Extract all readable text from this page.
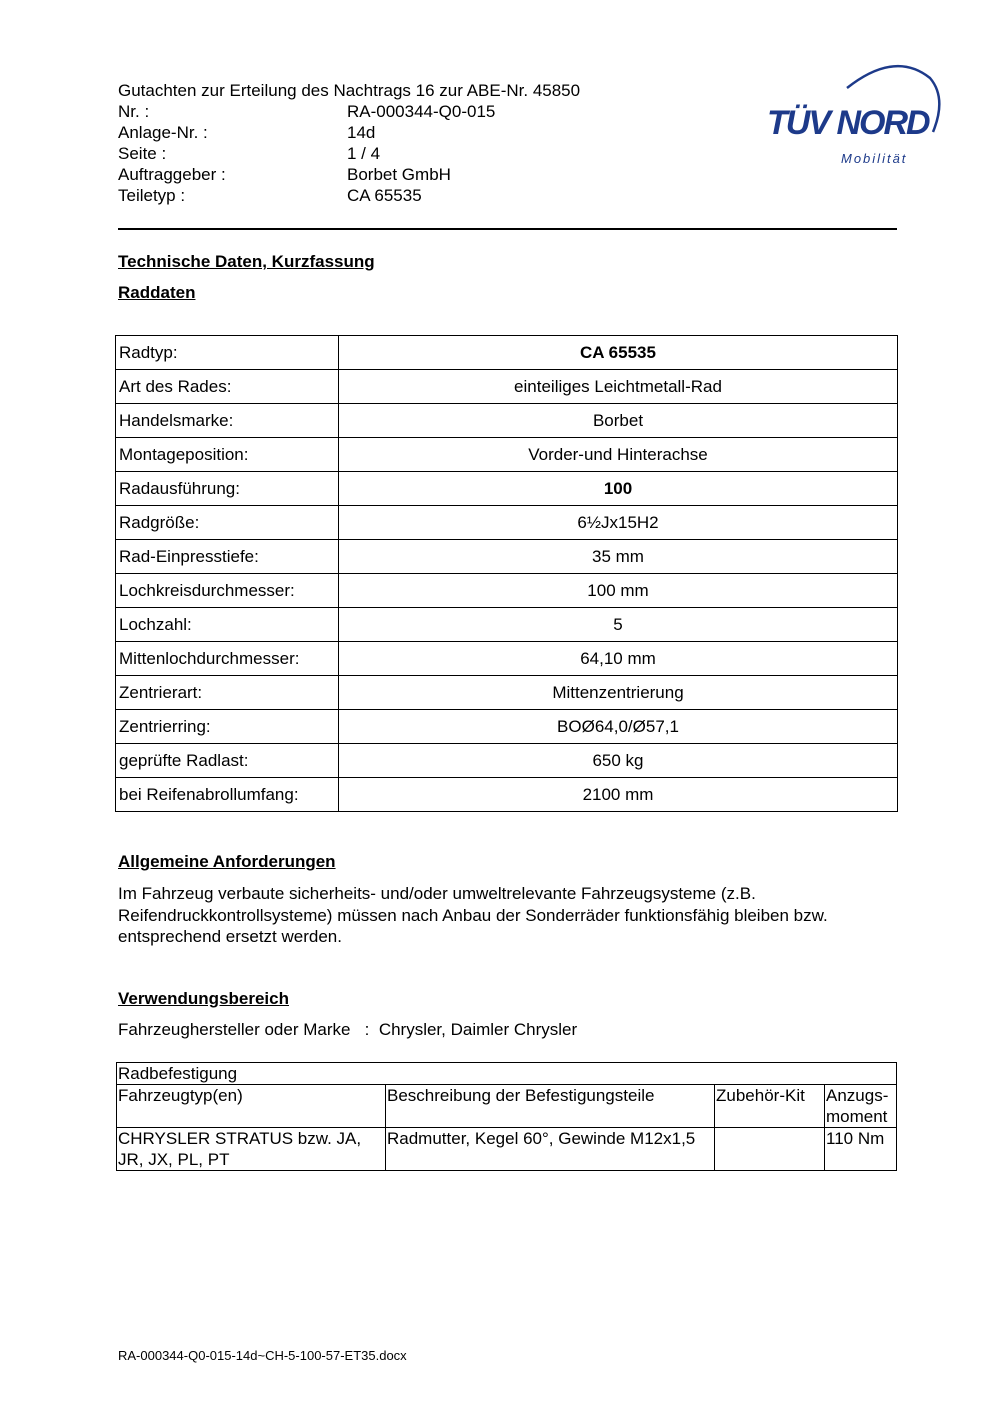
Gutachten zur Erteilung des Nachtrags 16 zur ABE-Nr. 45850
Nr. :	RA-000344-Q0-015
Anlage-Nr. :	14d
Seite :	1 / 4
Auftraggeber :	Borbet GmbH
Teiletyp :	CA 65535
TÜV NORD
Mobilität
Technische Daten, Kurzfassung
Raddaten
Radtyp:	CA 65535
Art des Rades:	einteiliges Leichtmetall-Rad
Handelsmarke:	Borbet
Montageposition:	Vorder-und Hinterachse
Radausführung:	100
Radgröße:	6½Jx15H2
Rad-Einpresstiefe:	35 mm
Lochkreisdurchmesser:	100 mm
Lochzahl:	5
Mittenlochdurchmesser:	64,10 mm
Zentrierart:	Mittenzentrierung
Zentrierring:	BOØ64,0/Ø57,1
geprüfte Radlast:	650 kg
bei Reifenabrollumfang:	2100 mm
Allgemeine Anforderungen
Im Fahrzeug verbaute sicherheits- und/oder umweltrelevante Fahrzeugsysteme (z.B. Reifendruckkontrollsysteme) müssen nach Anbau der Sonderräder funktionsfähig bleiben bzw. entsprechend ersetzt werden.
Verwendungsbereich
Fahrzeughersteller oder Marke : Chrysler, Daimler Chrysler
Radbefestigung			
Fahrzeugtyp(en)	Beschreibung der Befestigungsteile	Zubehör-Kit	Anzugs- moment
CHRYSLER STRATUS bzw. JA, JR, JX, PL, PT	Radmutter, Kegel 60°, Gewinde M12x1,5		110 Nm
RA-000344-Q0-015-14d~CH-5-100-57-ET35.docx
